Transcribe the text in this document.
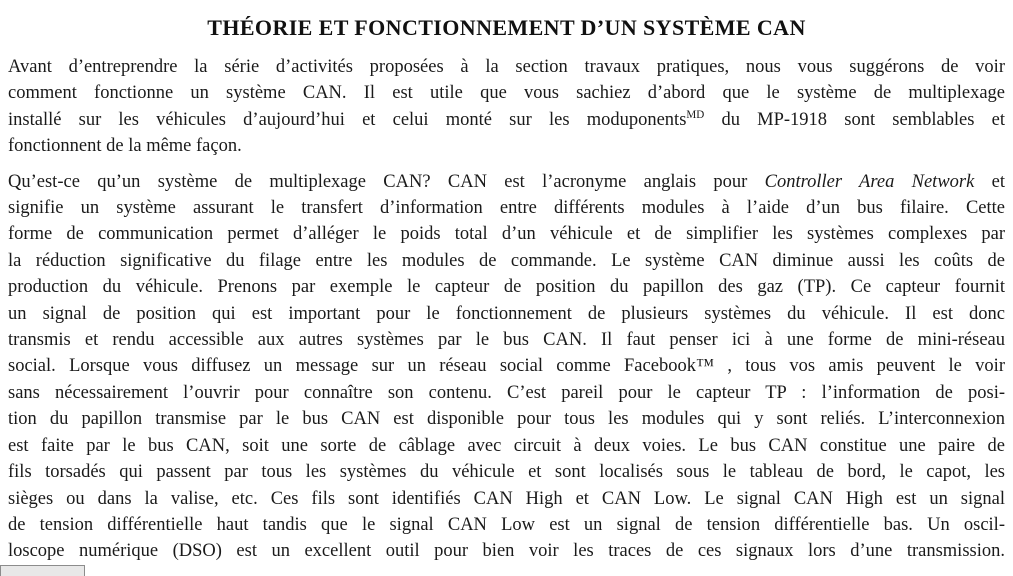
THÉORIE ET FONCTIONNEMENT D’UN SYSTÈME CAN
Avant d’entreprendre la série d’activités proposées à la section travaux pratiques, nous vous suggérons de voir
comment fonctionne un système CAN. Il est utile que vous sachiez d’abord que le système de multiplexage
installé sur les véhicules d’aujourd’hui et celui monté sur les moduponents$^{MD}$ du MP-1918 sont semblables et
fonctionnent de la même façon.
Qu’est-ce qu’un système de multiplexage CAN? CAN est l’acronyme anglais pour Controller Area Network et
signifie un système assurant le transfert d’information entre différents modules à l’aide d’un bus filaire. Cette
forme de communication permet d’alléger le poids total d’un véhicule et de simplifier les systèmes complexes par
la réduction significative du filage entre les modules de commande. Le système CAN diminue aussi les coûts de
production du véhicule. Prenons par exemple le capteur de position du papillon des gaz (TP). Ce capteur fournit
un signal de position qui est important pour le fonctionnement de plusieurs systèmes du véhicule. Il est donc
transmis et rendu accessible aux autres systèmes par le bus CAN. Il faut penser ici à une forme de mini-réseau
social. Lorsque vous diffusez un message sur un réseau social comme Facebook™ , tous vos amis peuvent le voir
sans nécessairement l’ouvrir pour connaître son contenu. C’est pareil pour le capteur TP : l’information de posi-
tion du papillon transmise par le bus CAN est disponible pour tous les modules qui y sont reliés. L’interconnexion
est faite par le bus CAN, soit une sorte de câblage avec circuit à deux voies. Le bus CAN constitue une paire de
fils torsadés qui passent par tous les systèmes du véhicule et sont localisés sous le tableau de bord, le capot, les
sièges ou dans la valise, etc. Ces fils sont identifiés CAN High et CAN Low. Le signal CAN High est un signal
de tension différentielle haut tandis que le signal CAN Low est un signal de tension différentielle bas. Un oscil-
loscope numérique (DSO) est un excellent outil pour bien voir les traces de ces signaux lors d’une transmission.
